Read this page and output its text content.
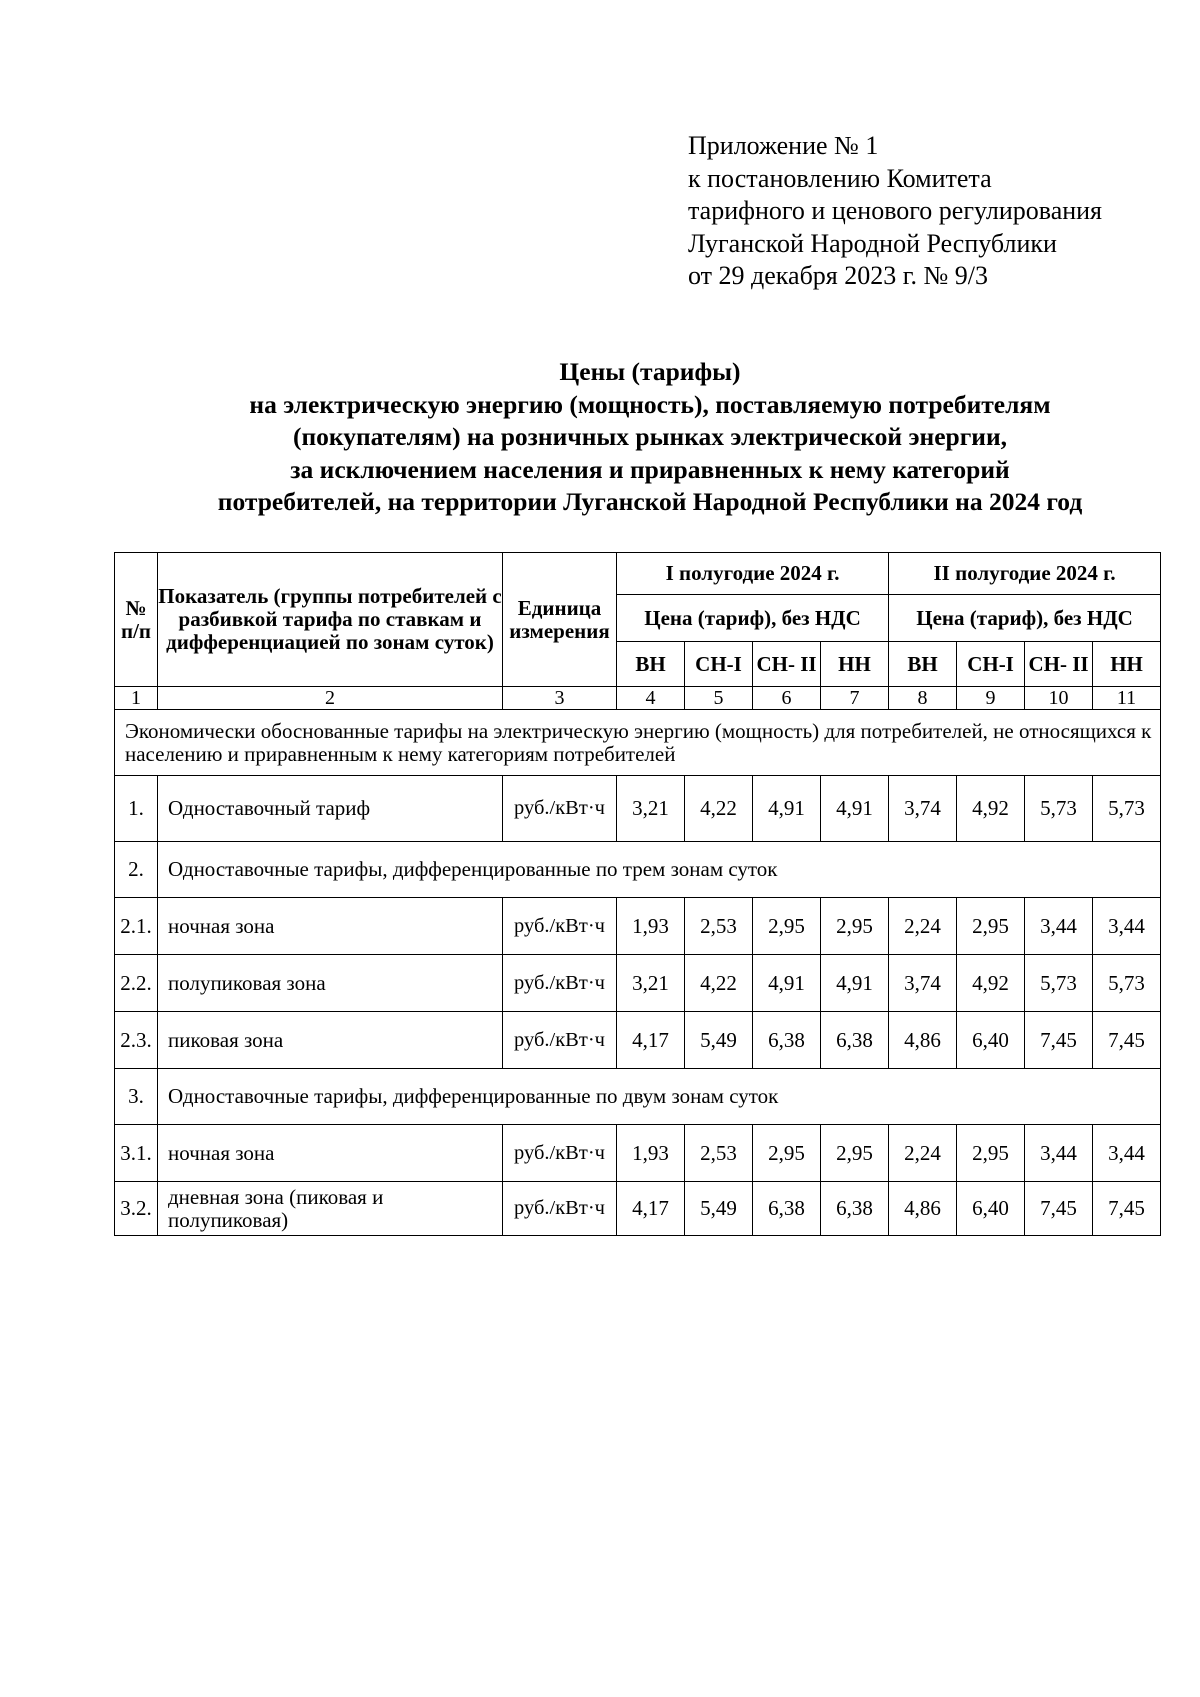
Приложение № 1
к постановлению Комитета
тарифного и ценового регулирования
Луганской Народной Республики
от 29 декабря 2023 г. № 9/3
Цены (тарифы)
на электрическую энергию (мощность), поставляемую потребителям
(покупателям) на розничных рынках электрической энергии,
за исключением населения и приравненных к нему категорий
потребителей, на территории Луганской Народной Республики на 2024 год
№ п/п	Показатель (группы потребителей с разбивкой тарифа по ставкам и дифференциацией по зонам суток)	Единица измерения	I полугодие 2024 г.				II полугодие 2024 г.			
			Цена (тариф), без НДС				Цена (тариф), без НДС			
			ВН	СН-I	СН- II	НН	ВН	СН-I	СН- II	НН
1	2	3	4	5	6	7	8	9	10	11
Экономически обоснованные тарифы на электрическую энергию (мощность) для потребителей, не относящихся к населению и приравненным к нему категориям потребителей										
1.	Одноставочный тариф	руб./кВт·ч	3,21	4,22	4,91	4,91	3,74	4,92	5,73	5,73
2.	Одноставочные тарифы, дифференцированные по трем зонам суток									
2.1.	ночная зона	руб./кВт·ч	1,93	2,53	2,95	2,95	2,24	2,95	3,44	3,44
2.2.	полупиковая зона	руб./кВт·ч	3,21	4,22	4,91	4,91	3,74	4,92	5,73	5,73
2.3.	пиковая зона	руб./кВт·ч	4,17	5,49	6,38	6,38	4,86	6,40	7,45	7,45
3.	Одноставочные тарифы, дифференцированные по двум зонам суток									
3.1.	ночная зона	руб./кВт·ч	1,93	2,53	2,95	2,95	2,24	2,95	3,44	3,44
3.2.	дневная зона (пиковая и полупиковая)	руб./кВт·ч	4,17	5,49	6,38	6,38	4,86	6,40	7,45	7,45
